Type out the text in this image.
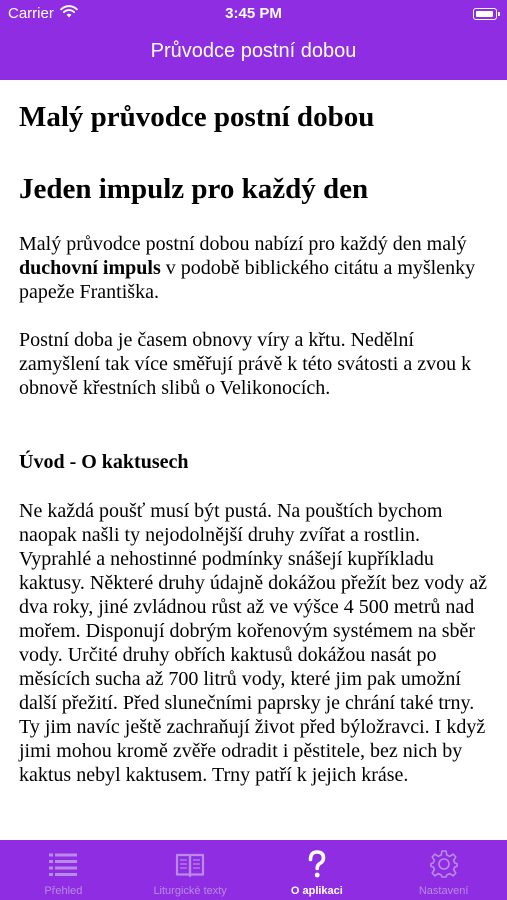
Carrier	3:45 PM
Průvodce postní dobou
Malý průvodce postní dobou
Jeden impulz pro každý den

Malý průvodce postní dobou nabízí pro každý den malý duchovní impuls v podobě biblického citátu a myšlenky papeže Františka.

Postní doba je časem obnovy víry a křtu. Nedělní zamyšlení tak více směřují právě k této svátosti a zvou k obnově křestních slibů o Velikonocích.

Úvod - O kaktusech

Ne každá poušť musí být pustá. Na pouštích bychom naopak našli ty nejodolnější druhy zvířat a rostlin. Vyprahlé a nehostinné podmínky snášejí kupříkladu kaktusy. Některé druhy údajně dokážou přežít bez vody až dva roky, jiné zvládnou růst až ve výšce 4 500 metrů nad mořem. Disponují dobrým kořenovým systémem na sběr vody. Určité druhy obřích kaktusů dokážou nasát po měsících sucha až 700 litrů vody, které jim pak umožní další přežití. Před slunečními paprsky je chrání také trny. Ty jim navíc ještě zachraňují život před býložravci. I když jimi mohou kromě zvěře odradit i pěstitele, bez nich by kaktus nebyl kaktusem. Trny patří k jejich kráse.

Přehled	Liturgické texty	O aplikaci	Nastavení
